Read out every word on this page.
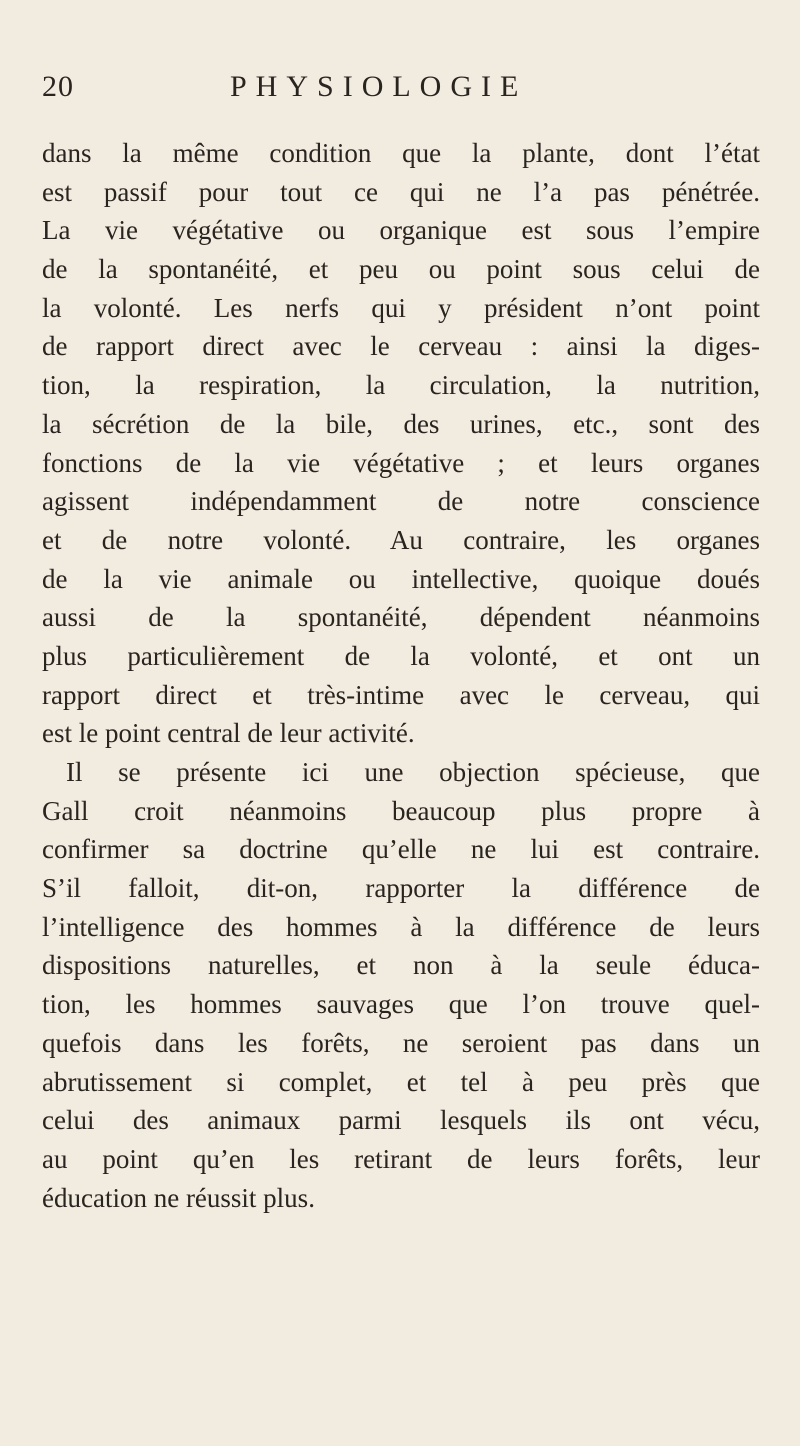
20	PHYSIOLOGIE
dans la même condition que la plante, dont l’état
est passif pour tout ce qui ne l’a pas pénétrée.
La vie végétative ou organique est sous l’empire
de la spontanéité, et peu ou point sous celui de
la volonté. Les nerfs qui y président n’ont point
de rapport direct avec le cerveau : ainsi la diges-
tion, la respiration, la circulation, la nutrition,
la sécrétion de la bile, des urines, etc., sont des
fonctions de la vie végétative ; et leurs organes
agissent indépendamment de notre conscience
et de notre volonté. Au contraire, les organes
de la vie animale ou intellective, quoique doués
aussi de la spontanéité, dépendent néanmoins
plus particulièrement de la volonté, et ont un
rapport direct et très-intime avec le cerveau, qui
est le point central de leur activité.
Il se présente ici une objection spécieuse, que
Gall croit néanmoins beaucoup plus propre à
confirmer sa doctrine qu’elle ne lui est contraire.
S’il falloit, dit-on, rapporter la différence de
l’intelligence des hommes à la différence de leurs
dispositions naturelles, et non à la seule éduca-
tion, les hommes sauvages que l’on trouve quel-
quefois dans les forêts, ne seroient pas dans un
abrutissement si complet, et tel à peu près que
celui des animaux parmi lesquels ils ont vécu,
au point qu’en les retirant de leurs forêts, leur
éducation ne réussit plus.
